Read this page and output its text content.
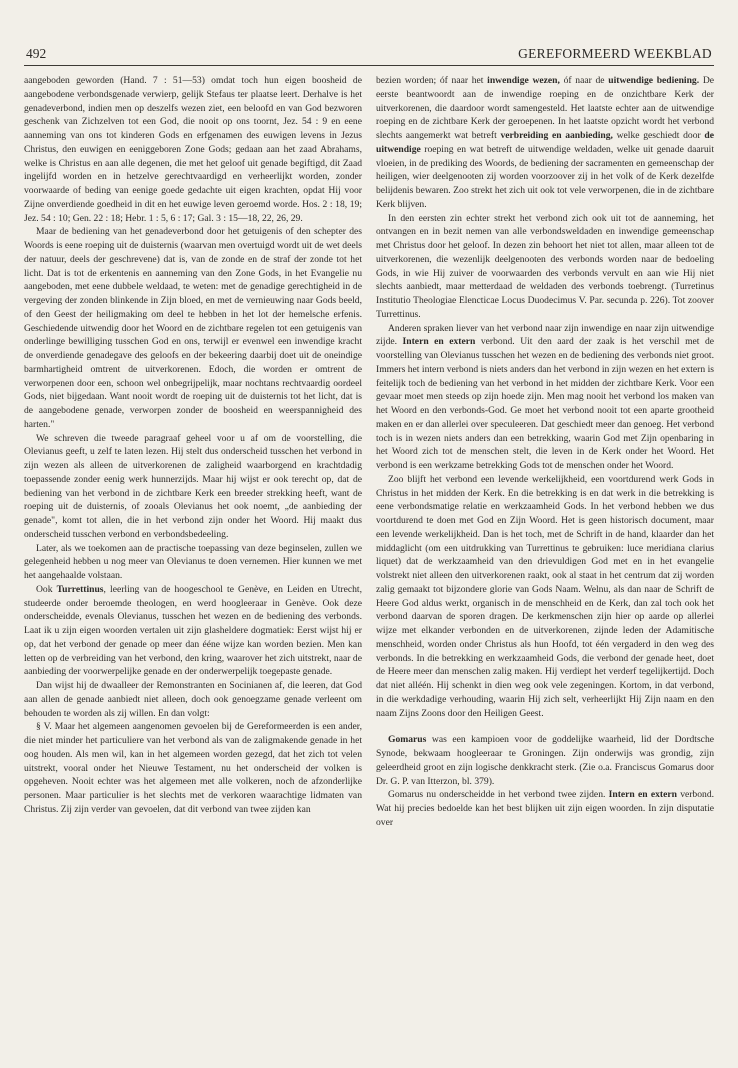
492	GEREFORMEERD WEEKBLAD

aangeboden geworden (Hand. 7 : 51—53) omdat toch hun eigen boosheid de aangebodene verbondsgenade verwierp, gelijk Stefaus ter plaatse leert. Derhalve is het genadeverbond, indien men op deszelfs wezen ziet, een beloofd en van God bezworen geschenk van Zichzelven tot een God, die nooit op ons toornt, Jez. 54 : 9 en eene aanneming van ons tot kinderen Gods en erfgenamen des euwigen levens in Jezus Christus, den euwigen en eeniggeboren Zone Gods; gedaan aan het zaad Abrahams, welke is Christus en aan alle degenen, die met het geloof uit genade begiftigd, dit Zaad ingelijfd worden en in hetzelve gerechtvaardigd en verheerlijkt worden, zonder voorwaarde of beding van eenige goede gedachte uit eigen krachten, opdat Hij voor Zijne onverdiende goedheid in dit en het euwige leven geroemd worde. Hos. 2 : 18, 19; Jez. 54 : 10; Gen. 22 : 18; Hebr. 1 : 5, 6 : 17; Gal. 3 : 15—18, 22, 26, 29.

Maar de bediening van het genadeverbond door het getuigenis of den schepter des Woords is eene roeping uit de duisternis (waarvan men overtuigd wordt uit de wet deels der natuur, deels der geschrevene) dat is, van de zonde en de straf der zonde tot het licht. Dat is tot de erkentenis en aanneming van den Zone Gods, in het Evangelie nu aangeboden, met eene dubbele weldaad, te weten: met de genadige gerechtigheid in de vergeving der zonden blinkende in Zijn bloed, en met de vernieuwing naar Gods beeld, of den Geest der heiligmaking om deel te hebben in het lot der hemelsche erfenis. Geschiedende uitwendig door het Woord en de zichtbare regelen tot een getuigenis van onderlinge bewilliging tusschen God en ons, terwijl er evenwel een inwendige kracht de onverdiende genadegave des geloofs en der bekeering daarbij doet uit de oneindige barmhartigheid omtrent de uitverkorenen. Edoch, die worden er omtrent de verworpenen door een, schoon wel onbegrijpelijk, maar nochtans rechtvaardig oordeel Gods, niet bijgedaan. Want nooit wordt de roeping uit de duisternis tot het licht, dat is de aangebodene genade, verworpen zonder de boosheid en weerspannigheid des harten."

We schreven die tweede paragraaf geheel voor u af om de voorstelling, die Olevianus geeft, u zelf te laten lezen. Hij stelt dus onderscheid tusschen het verbond in zijn wezen als alleen de uitverkorenen de zaligheid waarborgend en krachtdadig toepassende zonder eenig werk hunnerzijds. Maar hij wijst er ook terecht op, dat de bediening van het verbond in de zichtbare Kerk een breeder strekking heeft, want de roeping uit de duisternis, of zooals Olevianus het ook noemt, „de aanbieding der genade", komt tot allen, die in het verbond zijn onder het Woord. Hij maakt dus onderscheid tusschen verbond en verbondsbedeeling.

Later, als we toekomen aan de practische toepassing van deze beginselen, zullen we gelegenheid hebben u nog meer van Olevianus te doen vernemen. Hier kunnen we met het aangehaalde volstaan.

Ook Turrettinus, leerling van de hoogeschool te Genève, en Leiden en Utrecht, studeerde onder beroemde theologen, en werd hoogleeraar in Genève. Ook deze onderscheidde, evenals Olevianus, tusschen het wezen en de bediening des verbonds. Laat ik u zijn eigen woorden vertalen uit zijn glasheldere dogmatiek: Eerst wijst hij er op, dat het verbond der genade op meer dan ééne wijze kan worden bezien. Men kan letten op de verbreiding van het verbond, den kring, waarover het zich uitstrekt, naar de aanbieding der voorwerpelijke genade en der onderwerpelijk toegepaste genade.

Dan wijst hij de dwaalleer der Remonstranten en Socinianen af, die leeren, dat God aan allen de genade aanbiedt niet alleen, doch ook genoegzame genade verleent om behouden te worden als zij willen. En dan volgt:

§ V. Maar het algemeen aangenomen gevoelen bij de Gereformeerden is een ander, die niet minder het particuliere van het verbond als van de zaligmakende genade in het oog houden. Als men wil, kan in het algemeen worden gezegd, dat het zich tot velen uitstrekt, vooral onder het Nieuwe Testament, nu het onderscheid der volken is opgeheven. Nooit echter was het algemeen met alle volkeren, noch de afzonderlijke personen. Maar particulier is het slechts met de verkoren waarachtige lidmaten van Christus. Zij zijn verder van gevoelen, dat dit verbond van twee zijden kan

bezien worden; óf naar het inwendige wezen, óf naar de uitwendige bediening. De eerste beantwoordt aan de inwendige roeping en de onzichtbare Kerk der uitverkorenen, die daardoor wordt samengesteld. Het laatste echter aan de uitwendige roeping en de zichtbare Kerk der geroepenen. In het laatste opzicht wordt het verbond slechts aangemerkt wat betreft verbreiding en aanbieding, welke geschiedt door de uitwendige roeping en wat betreft de uitwendige weldaden, welke uit genade daaruit vloeien, in de prediking des Woords, de bediening der sacramenten en gemeenschap der heiligen, wier deelgenooten zij worden voorzoover zij in het volk of de Kerk dezelfde belijdenis bewaren. Zoo strekt het zich uit ook tot vele verworpenen, die in de zichtbare Kerk blijven.

In den eersten zin echter strekt het verbond zich ook uit tot de aanneming, het ontvangen en in bezit nemen van alle verbondsweldaden en inwendige gemeenschap met Christus door het geloof. In dezen zin behoort het niet tot allen, maar alleen tot de uitverkorenen, die wezenlijk deelgenooten des verbonds worden naar de bedoeling Gods, in wie Hij zuiver de voorwaarden des verbonds vervult en aan wie Hij niet slechts aanbiedt, maar metterdaad de weldaden des verbonds toebrengt. (Turretinus Institutio Theologiae Elencticae Locus Duodecimus V. Par. secunda p. 226). Tot zoover Turrettinus.

Anderen spraken liever van het verbond naar zijn inwendige en naar zijn uitwendige zijde. Intern en extern verbond. Uit den aard der zaak is het verschil met de voorstelling van Olevianus tusschen het wezen en de bediening des verbonds niet groot. Immers het intern verbond is niets anders dan het verbond in zijn wezen en het extern is feitelijk toch de bediening van het verbond in het midden der zichtbare Kerk. Voor een gevaar moet men steeds op zijn hoede zijn. Men mag nooit het verbond los maken van het Woord en den verbonds-God. Ge moet het verbond nooit tot een aparte grootheid maken en er dan allerlei over speculeeren. Dat geschiedt meer dan genoeg. Het verbond toch is in wezen niets anders dan een betrekking, waarin God met Zijn openbaring in het Woord zich tot de menschen stelt, die leven in de Kerk onder het Woord. Het verbond is een werkzame betrekking Gods tot de menschen onder het Woord.

Zoo blijft het verbond een levende werkelijkheid, een voortdurend werk Gods in Christus in het midden der Kerk. En die betrekking is en dat werk in die betrekking is eene verbondsmatige relatie en werkzaamheid Gods. In het verbond hebben we dus voortdurend te doen met God en Zijn Woord. Het is geen historisch document, maar een levende werkelijkheid. Dan is het toch, met de Schrift in de hand, klaarder dan het middaglicht (om een uitdrukking van Turrettinus te gebruiken: luce meridiana clarius liquet) dat de werkzaamheid van den drievuldigen God met en in het evangelie volstrekt niet alleen den uitverkorenen raakt, ook al staat in het centrum dat zij worden zalig gemaakt tot bijzondere glorie van Gods Naam. Welnu, als dan naar de Schrift de Heere God aldus werkt, organisch in de menschheid en de Kerk, dan zal toch ook het verbond daarvan de sporen dragen. De kerkmenschen zijn hier op aarde op allerlei wijze met elkander verbonden en de uitverkorenen, zijnde leden der Adamitische menschheid, worden onder Christus als hun Hoofd, tot één vergaderd in den weg des verbonds. In die betrekking en werkzaamheid Gods, die verbond der genade heet, doet de Heere meer dan menschen zalig maken. Hij verdiept het verderf tegelijkertijd. Doch dat niet alléén. Hij schenkt in dien weg ook vele zegeningen. Kortom, in dat verbond, in die werkdadige verhouding, waarin Hij zich selt, verheerlijkt Hij Zijn naam en den naam Zijns Zoons door den Heiligen Geest.

Gomarus was een kampioen voor de goddelijke waarheid, lid der Dordtsche Synode, bekwaam hoogleeraar te Groningen. Zijn onderwijs was grondig, zijn geleerdheid groot en zijn logische denkkracht sterk. (Zie o.a. Franciscus Gomarus door Dr. G. P. van Itterzon, bl. 379).

Gomarus nu onderscheidde in het verbond twee zijden. Intern en extern verbond. Wat hij precies bedoelde kan het best blijken uit zijn eigen woorden. In zijn disputatie over
